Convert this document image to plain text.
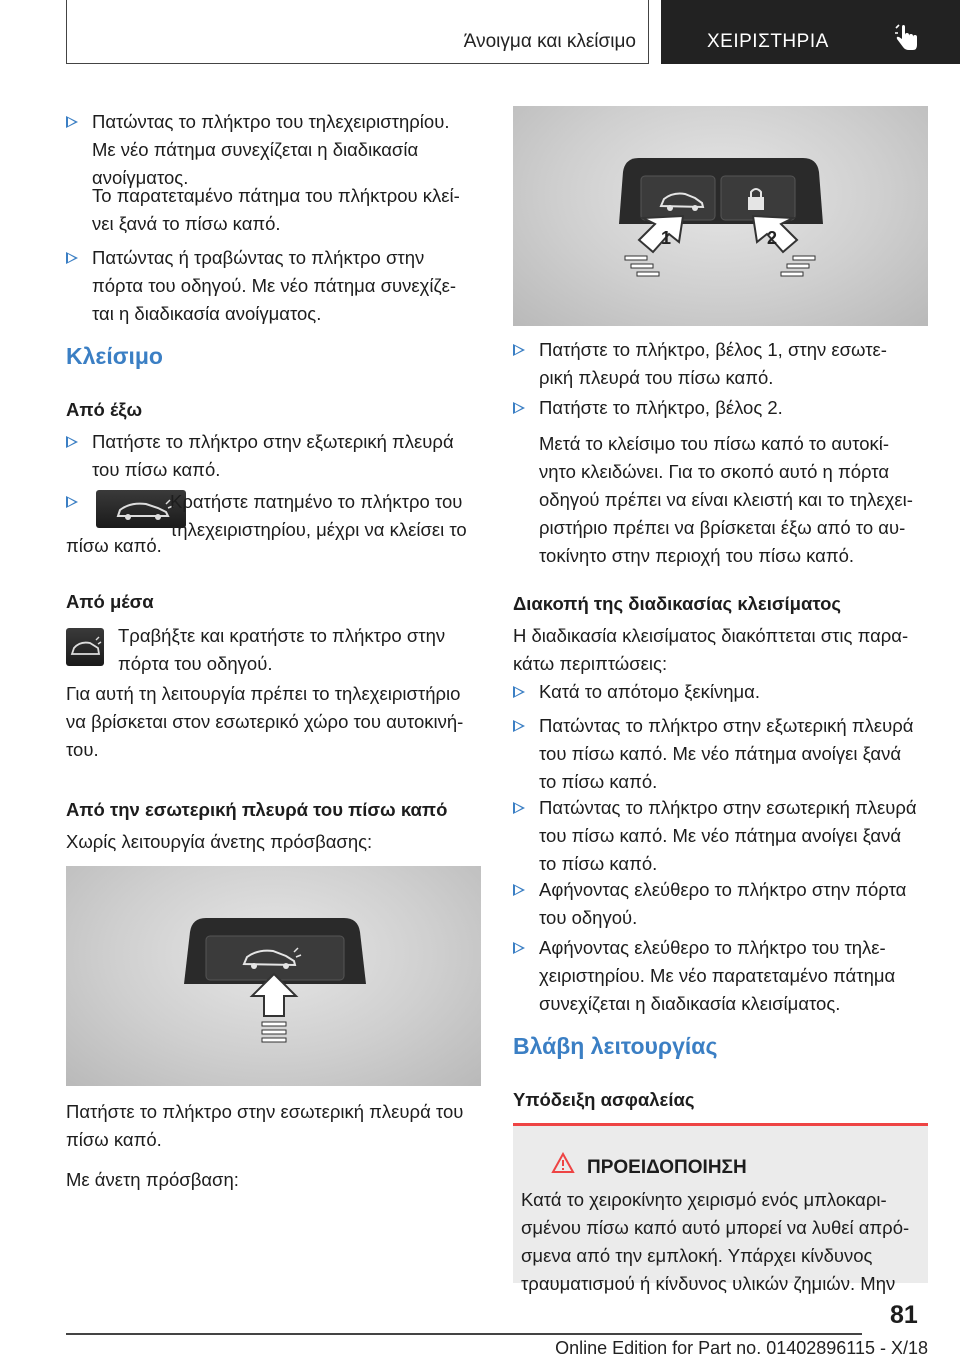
Άνοιγμα και κλείσιμο	ΧΕΙΡΙΣΤΗΡΙΑ
Πατώντας το πλήκτρο του τηλεχειριστηρίου.
Με νέο πάτημα συνεχίζεται η διαδικασία
ανοίγματος.
Το παρατεταμένο πάτημα του πλήκτρου κλεί-
νει ξανά το πίσω καπό.
Πατώντας ή τραβώντας το πλήκτρο στην
πόρτα του οδηγού. Με νέο πάτημα συνεχίζε-
ται η διαδικασία ανοίγματος.
Κλείσιμο
Από έξω
Πατήστε το πλήκτρο στην εξωτερική πλευρά
του πίσω καπό.
Κρατήστε πατημένο το πλήκτρο του
τηλεχειριστηρίου, μέχρι να κλείσει το
πίσω καπό.
Από μέσα
Τραβήξτε και κρατήστε το πλήκτρο στην
πόρτα του οδηγού.
Για αυτή τη λειτουργία πρέπει το τηλεχειριστήριο
να βρίσκεται στον εσωτερικό χώρο του αυτοκινή-
του.
Από την εσωτερική πλευρά του πίσω καπό
Χωρίς λειτουργία άνετης πρόσβασης:
Πατήστε το πλήκτρο στην εσωτερική πλευρά του
πίσω καπό.
Με άνετη πρόσβαση:
1	2
Πατήστε το πλήκτρο, βέλος 1, στην εσωτε-
ρική πλευρά του πίσω καπό.
Πατήστε το πλήκτρο, βέλος 2.
Μετά το κλείσιμο του πίσω καπό το αυτοκί-
νητο κλειδώνει. Για το σκοπό αυτό η πόρτα
οδηγού πρέπει να είναι κλειστή και το τηλεχει-
ριστήριο πρέπει να βρίσκεται έξω από το αυ-
τοκίνητο στην περιοχή του πίσω καπό.
Διακοπή της διαδικασίας κλεισίματος
Η διαδικασία κλεισίματος διακόπτεται στις παρα-
κάτω περιπτώσεις:
Κατά το απότομο ξεκίνημα.
Πατώντας το πλήκτρο στην εξωτερική πλευρά
του πίσω καπό. Με νέο πάτημα ανοίγει ξανά
το πίσω καπό.
Πατώντας το πλήκτρο στην εσωτερική πλευρά
του πίσω καπό. Με νέο πάτημα ανοίγει ξανά
το πίσω καπό.
Αφήνοντας ελεύθερο το πλήκτρο στην πόρτα
του οδηγού.
Αφήνοντας ελεύθερο το πλήκτρο του τηλε-
χειριστηρίου. Με νέο παρατεταμένο πάτημα
συνεχίζεται η διαδικασία κλεισίματος.
Βλάβη λειτουργίας
Υπόδειξη ασφαλείας
ΠΡΟΕΙΔΟΠΟΙΗΣΗ
Κατά το χειροκίνητο χειρισμό ενός μπλοκαρι-
σμένου πίσω καπό αυτό μπορεί να λυθεί απρό-
σμενα από την εμπλοκή. Υπάρχει κίνδυνος
τραυματισμού ή κίνδυνος υλικών ζημιών. Μην
81
Online Edition for Part no. 01402896115 - X/18
